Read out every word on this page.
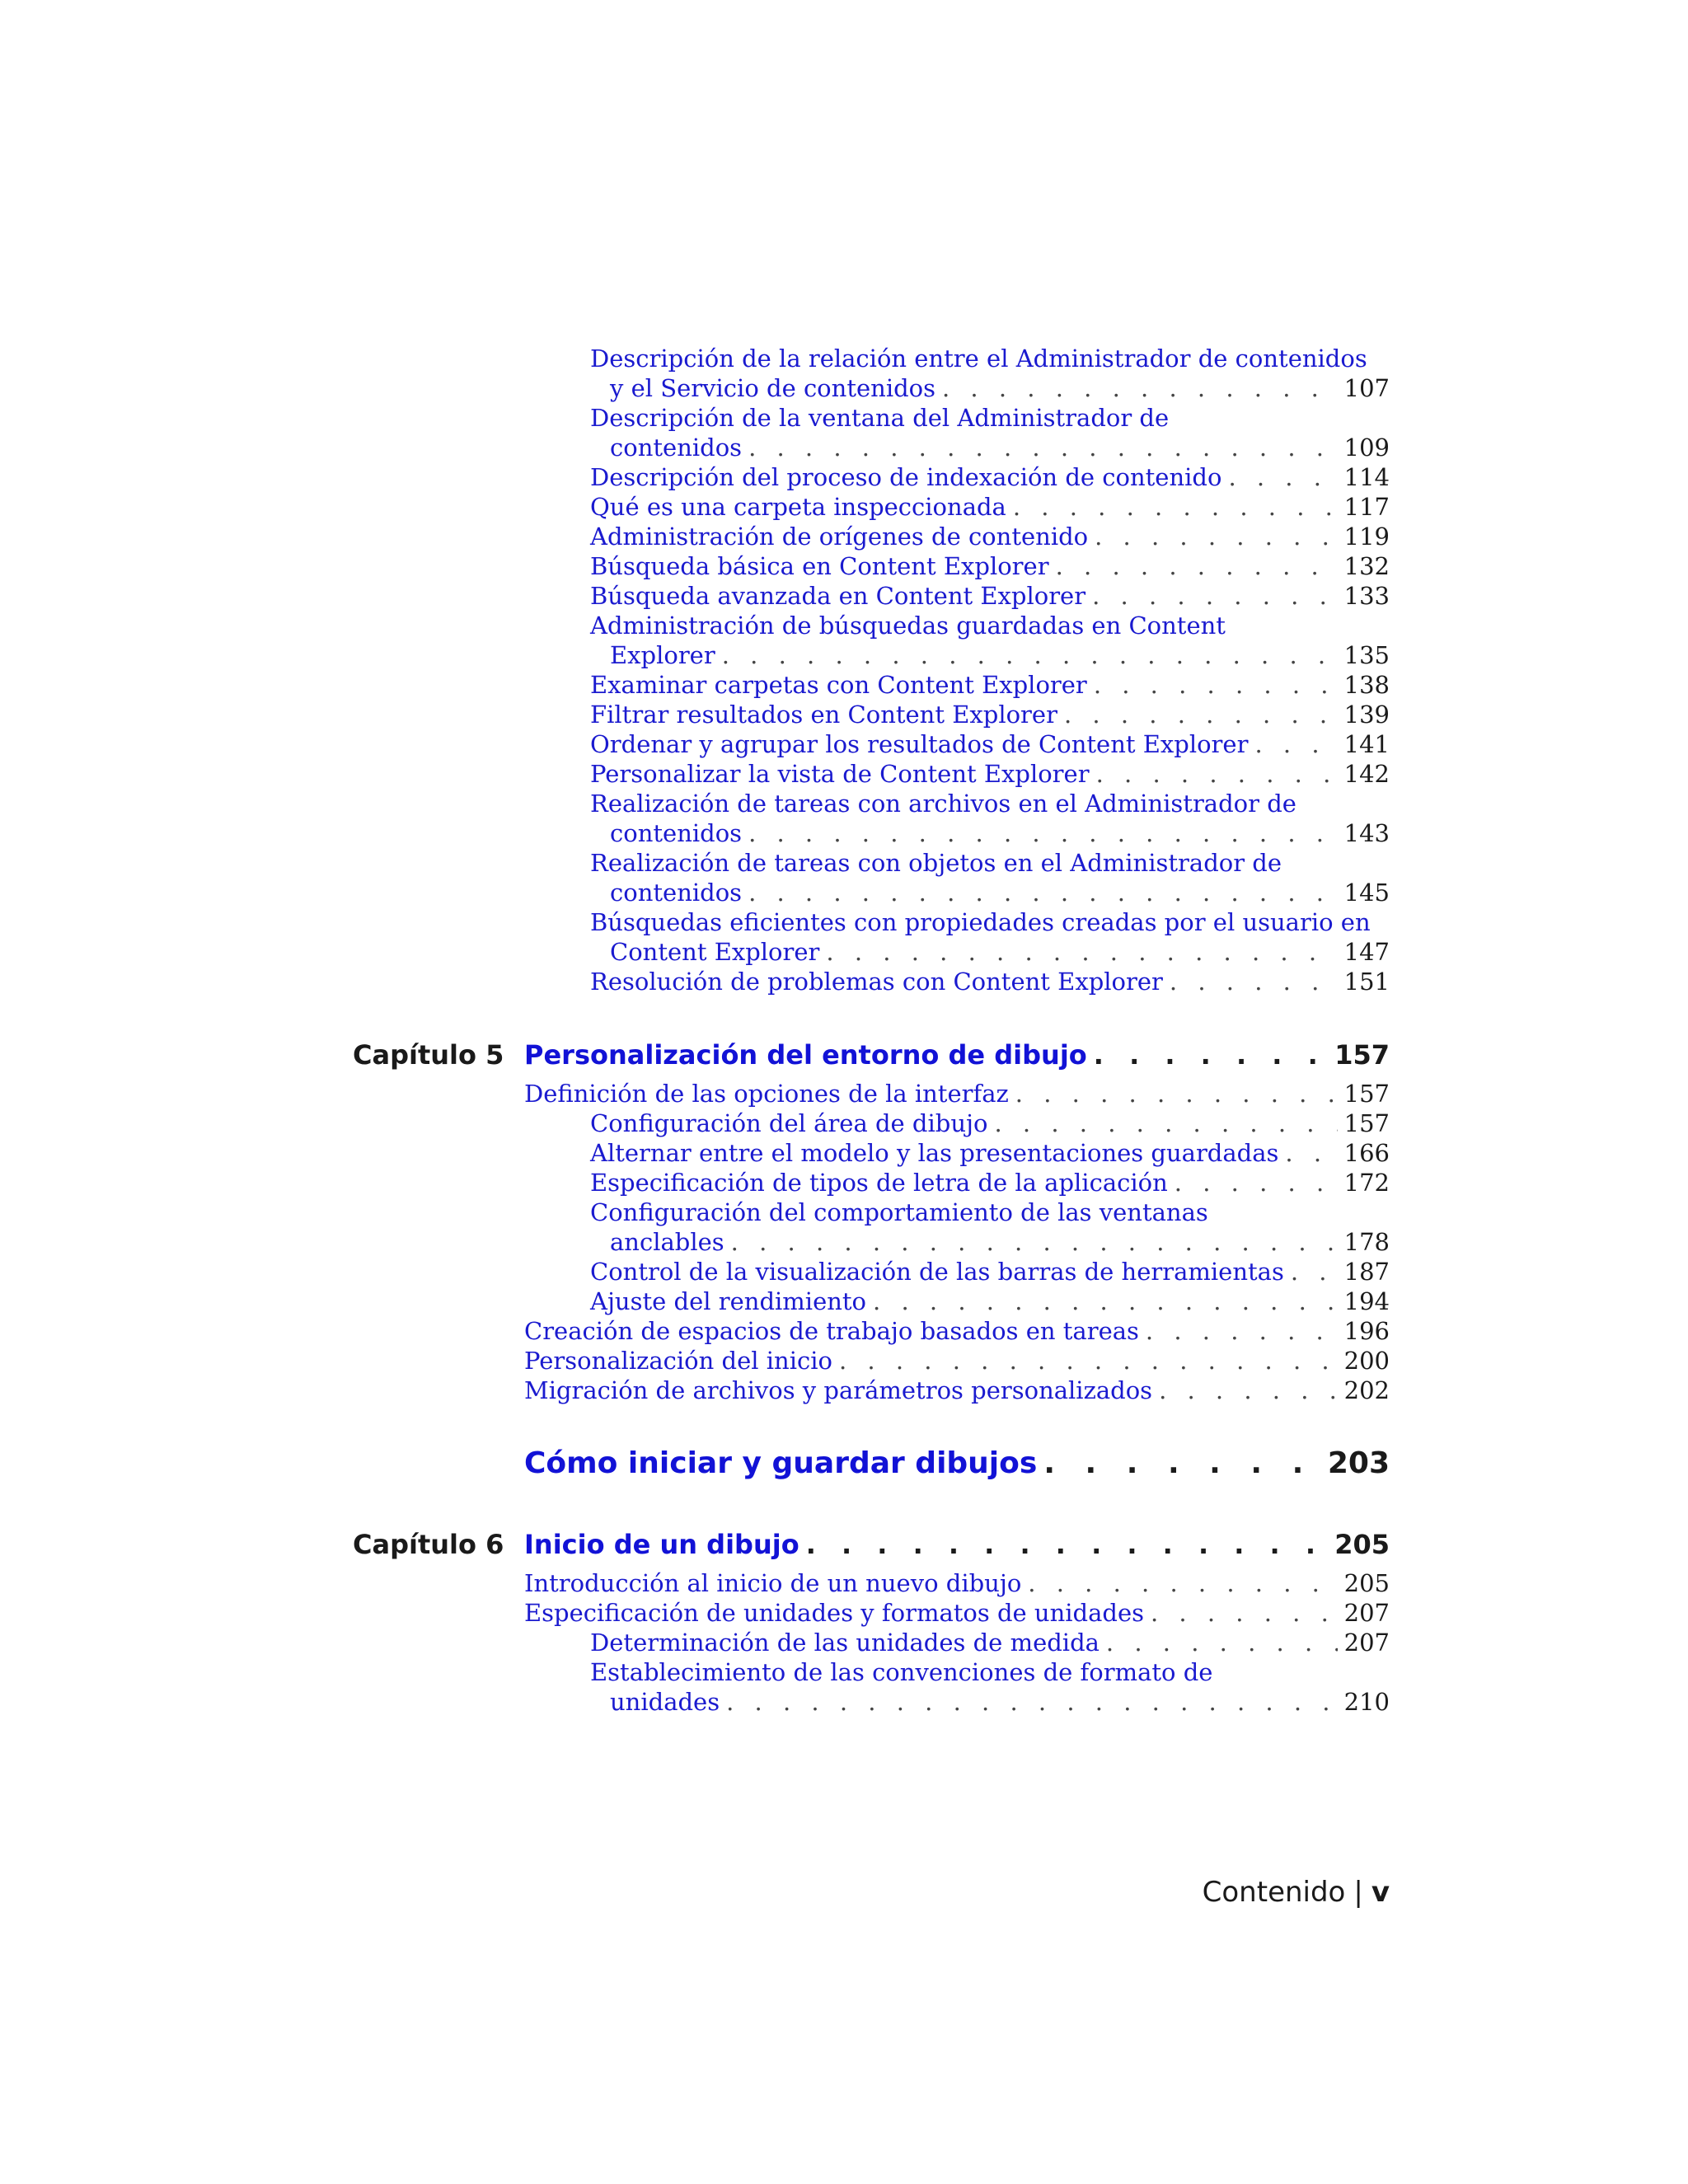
Descripción de la relación entre el Administrador de contenidos
y el Servicio de contenidos . . .	107
Descripción de la ventana del Administrador de
contenidos . . .	109
Descripción del proceso de indexación de contenido . . .	114
Qué es una carpeta inspeccionada . . .	117
Administración de orígenes de contenido . . .	119
Búsqueda básica en Content Explorer . . .	132
Búsqueda avanzada en Content Explorer . . .	133
Administración de búsquedas guardadas en Content
Explorer . . .	135
Examinar carpetas con Content Explorer . . .	138
Filtrar resultados en Content Explorer . . .	139
Ordenar y agrupar los resultados de Content Explorer . . .	141
Personalizar la vista de Content Explorer . . .	142
Realización de tareas con archivos en el Administrador de
contenidos . . .	143
Realización de tareas con objetos en el Administrador de
contenidos . . .	145
Búsquedas eficientes con propiedades creadas por el usuario en
Content Explorer . . .	147
Resolución de problemas con Content Explorer . . .	151
Capítulo 5 Personalización del entorno de dibujo . . .	157
Definición de las opciones de la interfaz . . .	157
Configuración del área de dibujo . . .	157
Alternar entre el modelo y las presentaciones guardadas . . .	166
Especificación de tipos de letra de la aplicación . . .	172
Configuración del comportamiento de las ventanas
anclables . . .	178
Control de la visualización de las barras de herramientas . . .	187
Ajuste del rendimiento . . .	194
Creación de espacios de trabajo basados en tareas . . .	196
Personalización del inicio . . .	200
Migración de archivos y parámetros personalizados . . .	202
Cómo iniciar y guardar dibujos . . .	203
Capítulo 6 Inicio de un dibujo . . .	205
Introducción al inicio de un nuevo dibujo . . .	205
Especificación de unidades y formatos de unidades . . .	207
Determinación de las unidades de medida . . .	207
Establecimiento de las convenciones de formato de
unidades . . .	210
Contenido | v
